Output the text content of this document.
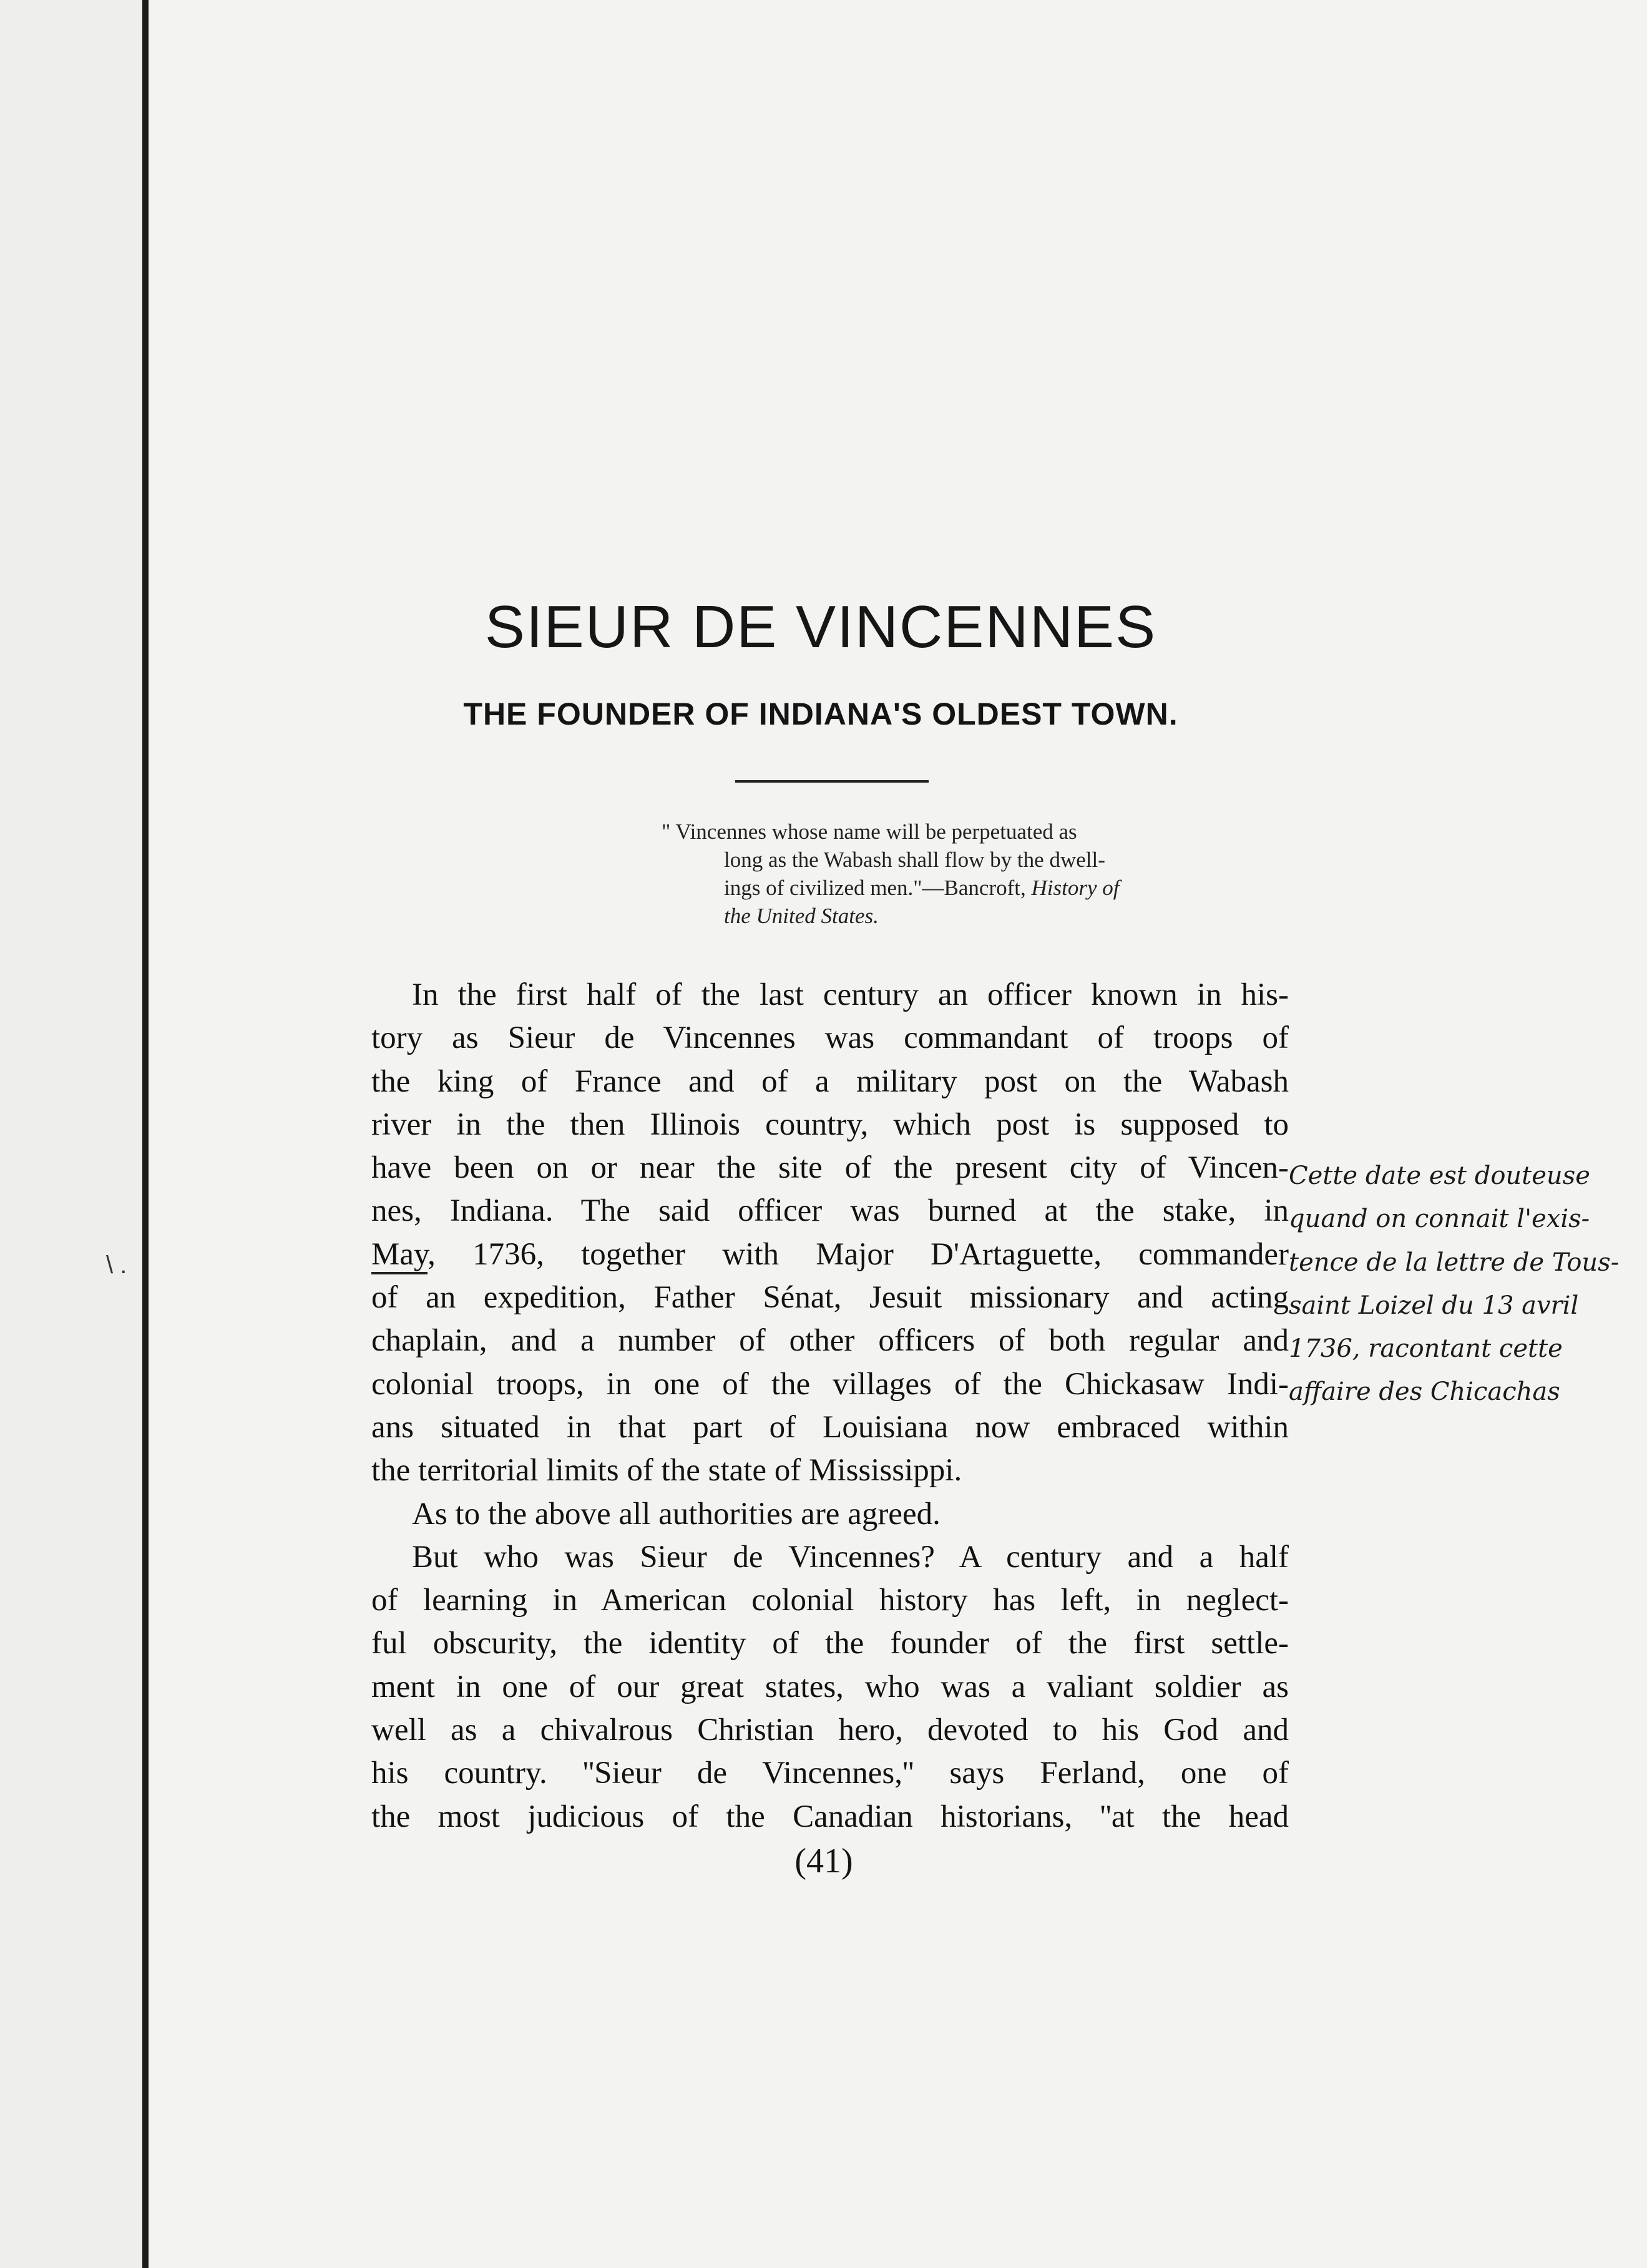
\ .
SIEUR DE VINCENNES
THE FOUNDER OF INDIANA'S OLDEST TOWN.
" Vincennes whose name will be perpetuated as
long as the Wabash shall flow by the dwell-
ings of civilized men."—Bancroft, History of
the United States.
In the first half of the last century an officer known in his-
tory as Sieur de Vincennes was commandant of troops of
the king of France and of a military post on the Wabash
river in the then Illinois country, which post is supposed to
have been on or near the site of the present city of Vincen-
nes, Indiana. The said officer was burned at the stake, in
May, 1736, together with Major D'Artaguette, commander
of an expedition, Father Sénat, Jesuit missionary and acting
chaplain, and a number of other officers of both regular and
colonial troops, in one of the villages of the Chickasaw Indi-
ans situated in that part of Louisiana now embraced within
the territorial limits of the state of Mississippi.
As to the above all authorities are agreed.
But who was Sieur de Vincennes? A century and a half
of learning in American colonial history has left, in neglect-
ful obscurity, the identity of the founder of the first settle-
ment in one of our great states, who was a valiant soldier as
well as a chivalrous Christian hero, devoted to his God and
his country. ''Sieur de Vincennes,'' says Ferland, one of
the most judicious of the Canadian historians, ''at the head
Cette date est douteuse
quand on connait l'exis-
tence de la lettre de Tous-
saint Loizel du 13 avril
1736, racontant cette
affaire des Chicachas
(41)
